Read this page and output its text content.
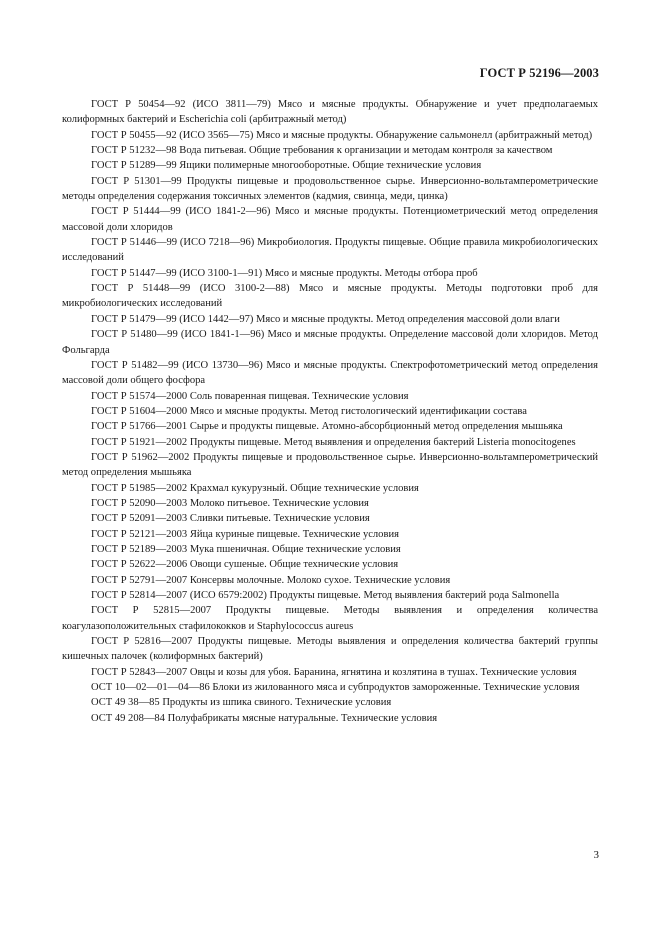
ГОСТ Р 52196—2003

ГОСТ Р 50454—92 (ИСО 3811—79) Мясо и мясные продукты. Обнаружение и учет предполагаемых колиформных бактерий и Escherichia coli (арбитражный метод)

ГОСТ Р 50455—92 (ИСО 3565—75) Мясо и мясные продукты. Обнаружение сальмонелл (арбитражный метод)

ГОСТ Р 51232—98 Вода питьевая. Общие требования к организации и методам контроля за качеством

ГОСТ Р 51289—99 Ящики полимерные многооборотные. Общие технические условия

ГОСТ Р 51301—99 Продукты пищевые и продовольственное сырье. Инверсионно-вольтамперометрические методы определения содержания токсичных элементов (кадмия, свинца, меди, цинка)

ГОСТ Р 51444—99 (ИСО 1841-2—96) Мясо и мясные продукты. Потенциометрический метод определения массовой доли хлоридов

ГОСТ Р 51446—99 (ИСО 7218—96) Микробиология. Продукты пищевые. Общие правила микробиологических исследований

ГОСТ Р 51447—99 (ИСО 3100-1—91) Мясо и мясные продукты. Методы отбора проб

ГОСТ Р 51448—99 (ИСО 3100-2—88) Мясо и мясные продукты. Методы подготовки проб для микробиологических исследований

ГОСТ Р 51479—99 (ИСО 1442—97) Мясо и мясные продукты. Метод определения массовой доли влаги

ГОСТ Р 51480—99 (ИСО 1841-1—96) Мясо и мясные продукты. Определение массовой доли хлоридов. Метод Фольгарда

ГОСТ Р 51482—99 (ИСО 13730—96) Мясо и мясные продукты. Спектрофотометрический метод определения массовой доли общего фосфора

ГОСТ Р 51574—2000 Соль поваренная пищевая. Технические условия

ГОСТ Р 51604—2000 Мясо и мясные продукты. Метод гистологический идентификации состава

ГОСТ Р 51766—2001 Сырье и продукты пищевые. Атомно-абсорбционный метод определения мышьяка

ГОСТ Р 51921—2002 Продукты пищевые. Метод выявления и определения бактерий Listeria monocitogenes

ГОСТ Р 51962—2002 Продукты пищевые и продовольственное сырье. Инверсионно-вольтамперометрический метод определения мышьяка

ГОСТ Р 51985—2002 Крахмал кукурузный. Общие технические условия

ГОСТ Р 52090—2003 Молоко питьевое. Технические условия

ГОСТ Р 52091—2003 Сливки питьевые. Технические условия

ГОСТ Р 52121—2003 Яйца куриные пищевые. Технические условия

ГОСТ Р 52189—2003 Мука пшеничная. Общие технические условия

ГОСТ Р 52622—2006 Овощи сушеные. Общие технические условия

ГОСТ Р 52791—2007 Консервы молочные. Молоко сухое. Технические условия

ГОСТ Р 52814—2007 (ИСО 6579:2002) Продукты пищевые. Метод выявления бактерий рода Salmonella

ГОСТ Р 52815—2007 Продукты пищевые. Методы выявления и определения количества коагулазоположительных стафилококков и Staphylococcus aureus

ГОСТ Р 52816—2007 Продукты пищевые. Методы выявления и определения количества бактерий группы кишечных палочек (колиформных бактерий)

ГОСТ Р 52843—2007 Овцы и козы для убоя. Баранина, ягнятина и козлятина в тушах. Технические условия

ОСТ 10—02—01—04—86 Блоки из жилованного мяса и субпродуктов замороженные. Технические условия

ОСТ 49 38—85 Продукты из шпика свиного. Технические условия

ОСТ 49 208—84 Полуфабрикаты мясные натуральные. Технические условия

3
